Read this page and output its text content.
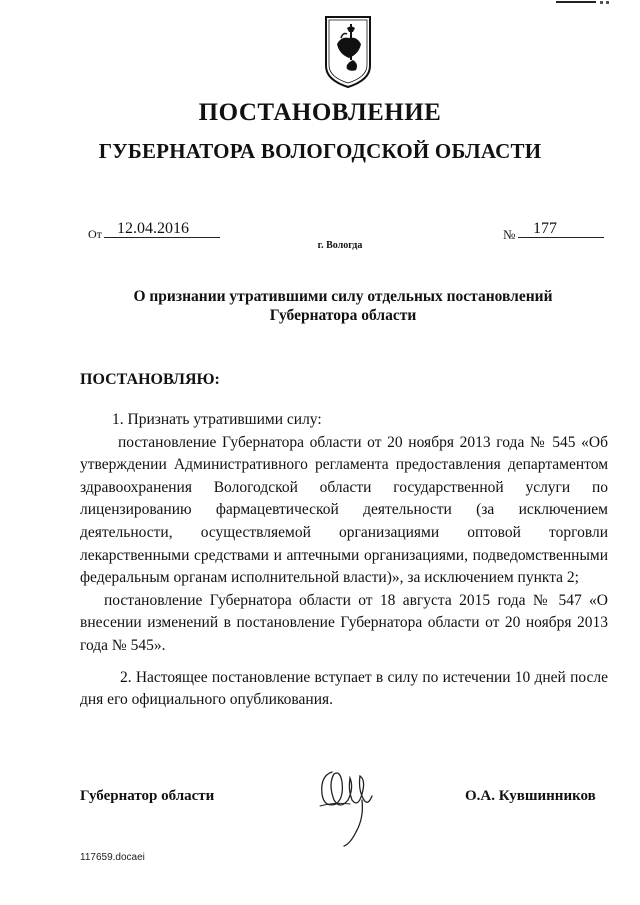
ПОСТАНОВЛЕНИЕ
ГУБЕРНАТОРА ВОЛОГОДСКОЙ ОБЛАСТИ
От 12.04.2016	№ 177
г. Вологда
О признании утратившими силу отдельных постановлений
Губернатора области
ПОСТАНОВЛЯЮ:

1. Признать утратившими силу:

постановление Губернатора области от 20 ноября 2013 года № 545 «Об утверждении Административного регламента предоставления департаментом здравоохранения Вологодской области государственной услуги по лицензированию фармацевтической деятельности (за исключением деятельности, осуществляемой организациями оптовой торговли лекарственными средствами и аптечными организациями, подведомственными федеральным органам исполнительной власти)», за исключением пункта 2;

постановление Губернатора области от 18 августа 2015 года № 547 «О внесении изменений в постановление Губернатора области от 20 ноября 2013 года № 545».

2. Настоящее постановление вступает в силу по истечении 10 дней после дня его официального опубликования.

Губернатор области	О.А. Кувшинников
117659.docaei
